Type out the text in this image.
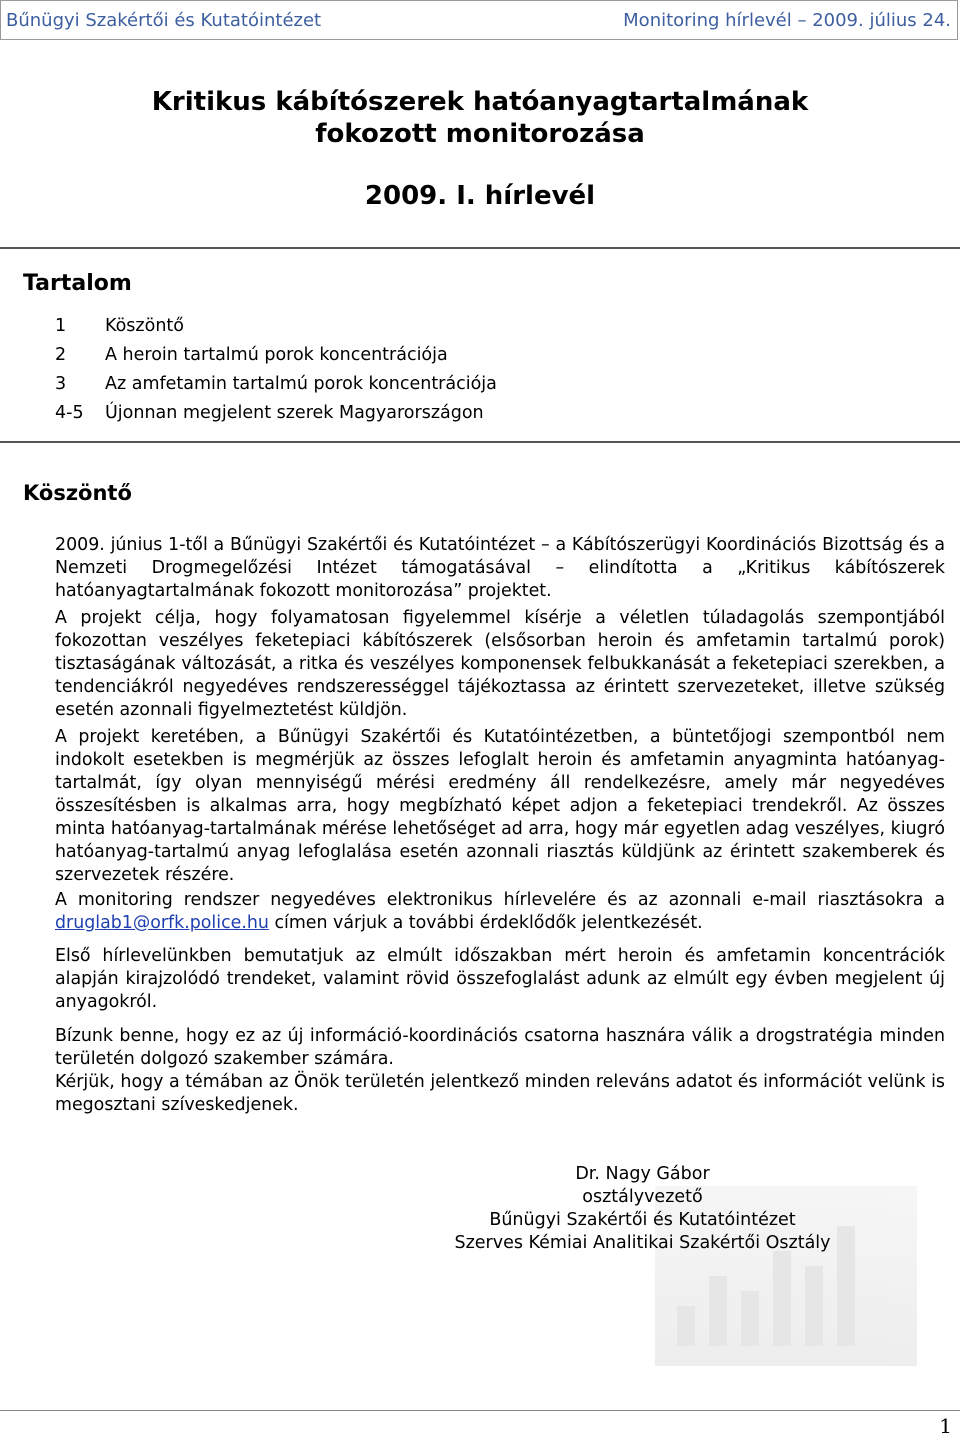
Bűnügyi Szakértői és Kutatóintézet	Monitoring hírlevél – 2009. július 24.
Kritikus kábítószerek hatóanyagtartalmának
fokozott monitorozása
2009. I. hírlevél
Tartalom
1	Köszöntő
2	A heroin tartalmú porok koncentrációja
3	Az amfetamin tartalmú porok koncentrációja
4-5	Újonnan megjelent szerek Magyarországon
Köszöntő

2009. június 1-től a Bűnügyi Szakértői és Kutatóintézet – a Kábítószerügyi Koordinációs Bizottság és a Nemzeti Drogmegelőzési Intézet támogatásával – elindította a „Kritikus kábítószerek hatóanyagtartalmának fokozott monitorozása” projektet.

A projekt célja, hogy folyamatosan figyelemmel kísérje a véletlen túladagolás szempontjából fokozottan veszélyes feketepiaci kábítószerek (elsősorban heroin és amfetamin tartalmú porok) tisztaságának változását, a ritka és veszélyes komponensek felbukkanását a feketepiaci szerekben, a tendenciákról negyedéves rendszerességgel tájékoztassa az érintett szervezeteket, illetve szükség esetén azonnali figyelmeztetést küldjön.

A projekt keretében, a Bűnügyi Szakértői és Kutatóintézetben, a büntetőjogi szempontból nem indokolt esetekben is megmérjük az összes lefoglalt heroin és amfetamin anyagminta hatóanyag-tartalmát, így olyan mennyiségű mérési eredmény áll rendelkezésre, amely már negyedéves összesítésben is alkalmas arra, hogy megbízható képet adjon a feketepiaci trendekről. Az összes minta hatóanyag-tartalmának mérése lehetőséget ad arra, hogy már egyetlen adag veszélyes, kiugró hatóanyag-tartalmú anyag lefoglalása esetén azonnali riasztás küldjünk az érintett szakemberek és szervezetek részére.

A monitoring rendszer negyedéves elektronikus hírlevelére és az azonnali e-mail riasztásokra a druglab1@orfk.police.hu címen várjuk a további érdeklődők jelentkezését.

Első hírlevelünkben bemutatjuk az elmúlt időszakban mért heroin és amfetamin koncentrációk alapján kirajzolódó trendeket, valamint rövid összefoglalást adunk az elmúlt egy évben megjelent új anyagokról.

Bízunk benne, hogy ez az új információ-koordinációs csatorna hasznára válik a drogstratégia minden területén dolgozó szakember számára.

Kérjük, hogy a témában az Önök területén jelentkező minden releváns adatot és információt velünk is megosztani szíveskedjenek.

Dr. Nagy Gábor
osztályvezető
Bűnügyi Szakértői és Kutatóintézet
Szerves Kémiai Analitikai Szakértői Osztály
1
